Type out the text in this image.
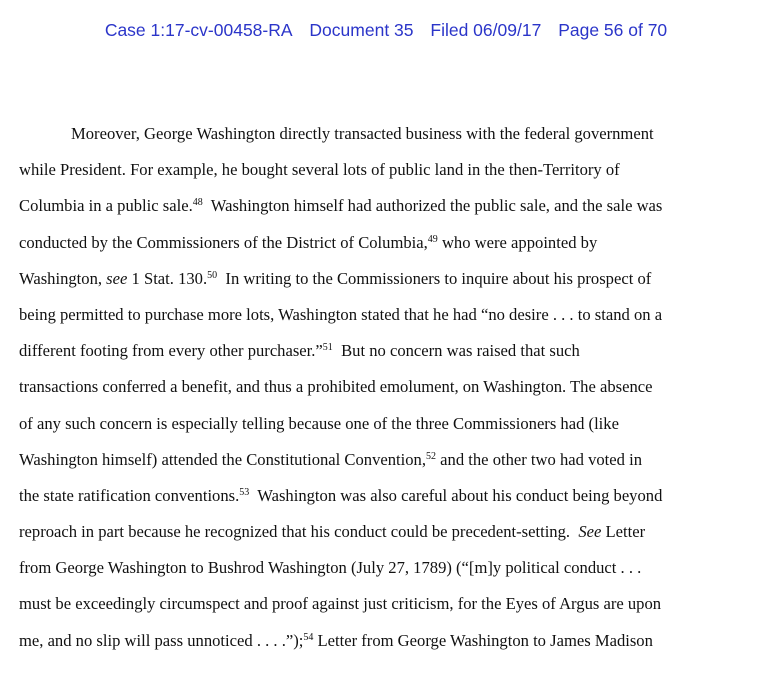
Case 1:17-cv-00458-RA Document 35 Filed 06/09/17 Page 56 of 70
Moreover, George Washington directly transacted business with the federal government
while President. For example, he bought several lots of public land in the then-Territory of
Columbia in a public sale.$^{48}$  Washington himself had authorized the public sale, and the sale was
conducted by the Commissioners of the District of Columbia,$^{49}$ who were appointed by
Washington, see 1 Stat. 130.50  In writing to the Commissioners to inquire about his prospect of
being permitted to purchase more lots, Washington stated that he had “no desire . . . to stand on a
different footing from every other purchaser.”$^{51}$  But no concern was raised that such
transactions conferred a benefit, and thus a prohibited emolument, on Washington. The absence
of any such concern is especially telling because one of the three Commissioners had (like
Washington himself) attended the Constitutional Convention,$^{52}$ and the other two had voted in
the state ratification conventions.$^{53}$  Washington was also careful about his conduct being beyond
reproach in part because he recognized that his conduct could be precedent-setting.  See Letter
from George Washington to Bushrod Washington (July 27, 1789) (“[m]y political conduct . . .
must be exceedingly circumspect and proof against just criticism, for the Eyes of Argus are upon
me, and no slip will pass unnoticed . . . .”);$^{54}$ Letter from George Washington to James Madison
